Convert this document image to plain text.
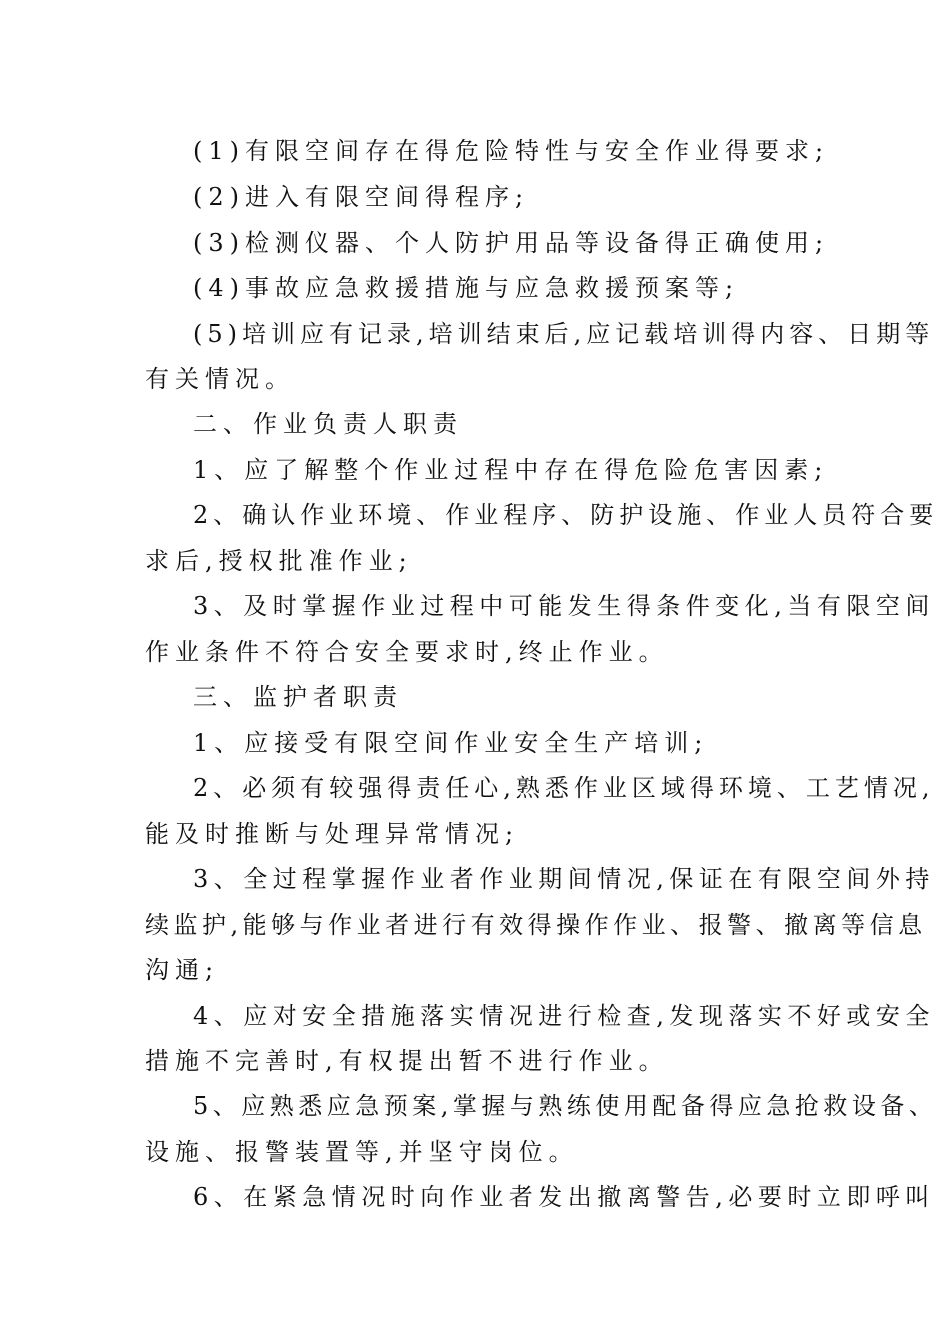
(1)有限空间存在得危险特性与安全作业得要求;
(2)进入有限空间得程序;
(3)检测仪器、个人防护用品等设备得正确使用;
(4)事故应急救援措施与应急救援预案等;
(5)培训应有记录,培训结束后,应记载培训得内容、日期等
有关情况。
二、作业负责人职责
1、应了解整个作业过程中存在得危险危害因素;
2、确认作业环境、作业程序、防护设施、作业人员符合要
求后,授权批准作业;
3、及时掌握作业过程中可能发生得条件变化,当有限空间
作业条件不符合安全要求时,终止作业。
三、监护者职责
1、应接受有限空间作业安全生产培训;
2、必须有较强得责任心,熟悉作业区域得环境、工艺情况,
能及时推断与处理异常情况;
3、全过程掌握作业者作业期间情况,保证在有限空间外持
续监护,能够与作业者进行有效得操作作业、报警、撤离等信息
沟通;
4、应对安全措施落实情况进行检查,发现落实不好或安全
措施不完善时,有权提出暂不进行作业。
5、应熟悉应急预案,掌握与熟练使用配备得应急抢救设备、
设施、报警装置等,并坚守岗位。
6、在紧急情况时向作业者发出撤离警告,必要时立即呼叫
